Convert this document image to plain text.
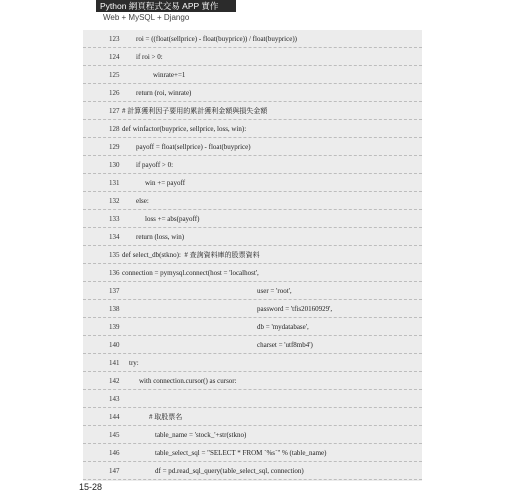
Python 網頁程式交易 APP 實作
Web + MySQL + Django
123 roi = ((float(sellprice) - float(buyprice)) / float(buyprice))
124 if roi > 0:
125	winrate+=1
126 return (roi, winrate)
127 # 計算獲利因子要用的累計獲利金額與損失金額
128 def winfactor(buyprice, sellprice, loss, win):
129 payoff = float(sellprice) - float(buyprice)
130 if payoff > 0:
131	win += payoff
132 else:
133	loss += abs(payoff)
134 return (loss, win)
135 def select_db(stkno):  # 查詢資料庫的股票資料
136 connection = pymysql.connect(host = 'localhost',
137	user = 'root',
138	password = 'tfis20160929',
139	db = 'mydatabase',
140	charset = 'utf8mb4')
141 try:
142	with connection.cursor() as cursor:
143
144	# 取股票名
145	table_name = 'stock_'+str(stkno)
146	table_select_sql = "SELECT * FROM `%s`" % (table_name)
147	df = pd.read_sql_query(table_select_sql, connection)
15-28
